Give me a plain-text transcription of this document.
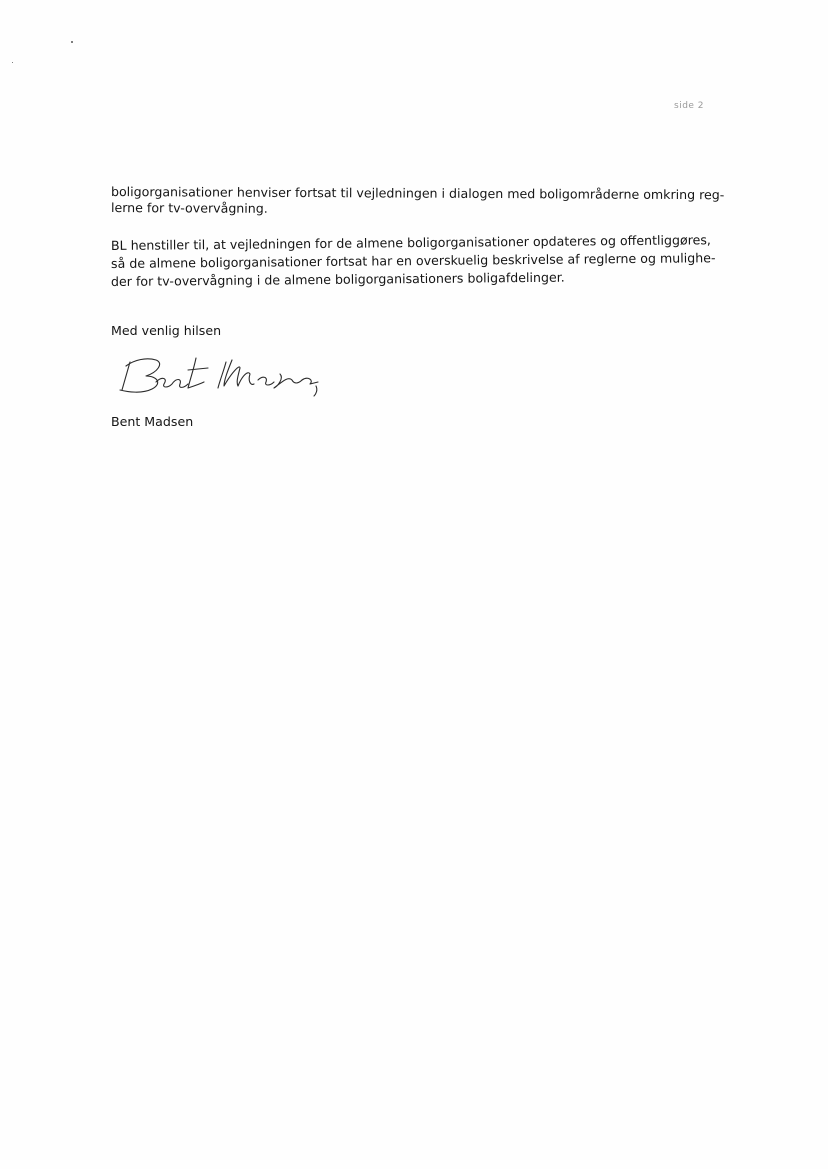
side 2
boligorganisationer henviser fortsat til vejledningen i dialogen med boligområderne omkring reg-
lerne for tv-overvågning.
BL henstiller til, at vejledningen for de almene boligorganisationer opdateres og offentliggøres,
så de almene boligorganisationer fortsat har en overskuelig beskrivelse af reglerne og mulighe-
der for tv-overvågning i de almene boligorganisationers boligafdelinger.
Med venlig hilsen
Bent Madsen
